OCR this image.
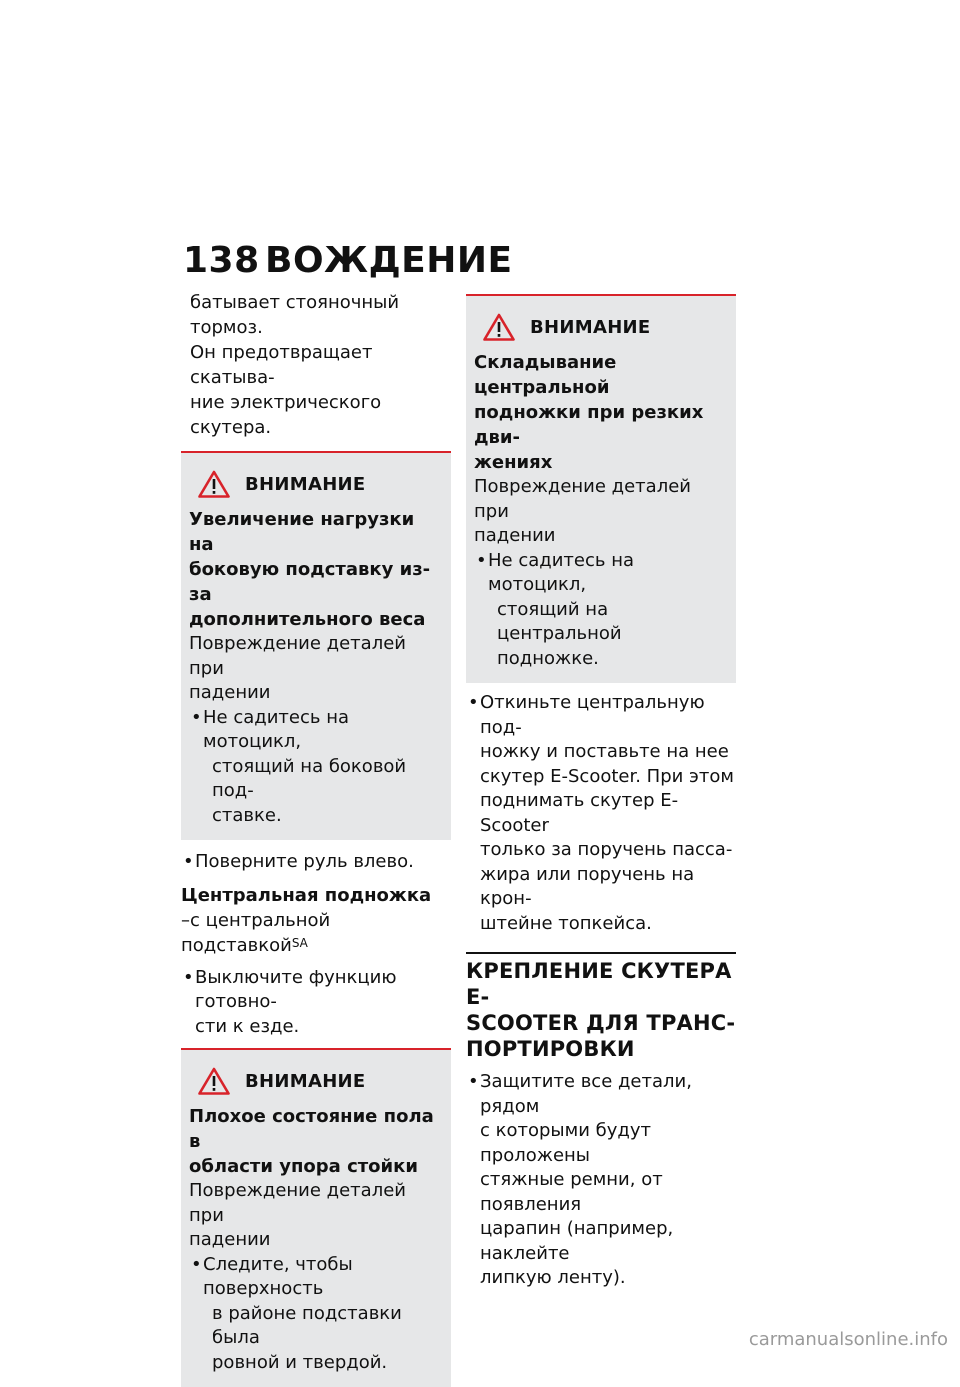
138 ВОЖДЕНИЕ

батывает стояночный тормоз.

Он предотвращает скатыва-

ние электрического скутера.

ВНИМАНИЕ

Увеличение нагрузки на

боковую подставку из-за

дополнительного веса

Повреждение деталей при

падении

•Не садитесь на мотоцикл,

стоящий на боковой под-

ставке.

•Поверните руль влево.

Центральная подножка

–с центральной подставкой$^{SA}$

•Выключите функцию готовно-

сти к езде.

ВНИМАНИЕ

Плохое состояние пола в

области упора стойки

Повреждение деталей при

падении

•Следите, чтобы поверхность

в районе подставки была

ровной и твердой.

ВНИМАНИЕ

Складывание центральной

подножки при резких дви-

жениях

Повреждение деталей при

падении

•Не садитесь на мотоцикл,

стоящий на центральной

подножке.

•Откиньте центральную под-

ножку и поставьте на нее

скутер E-Scooter. При этом

поднимать скутер E-Scooter

только за поручень пасса-

жира или поручень на крон-

штейне топкейса.

КРЕПЛЕНИЕ СКУТЕРА E-

SCOOTER ДЛЯ ТРАНС-

ПОРТИРОВКИ

•Защитите все детали, рядом

с которыми будут проложены

стяжные ремни, от появления

царапин (например, наклейте

липкую ленту).

carmanualsonline.info
